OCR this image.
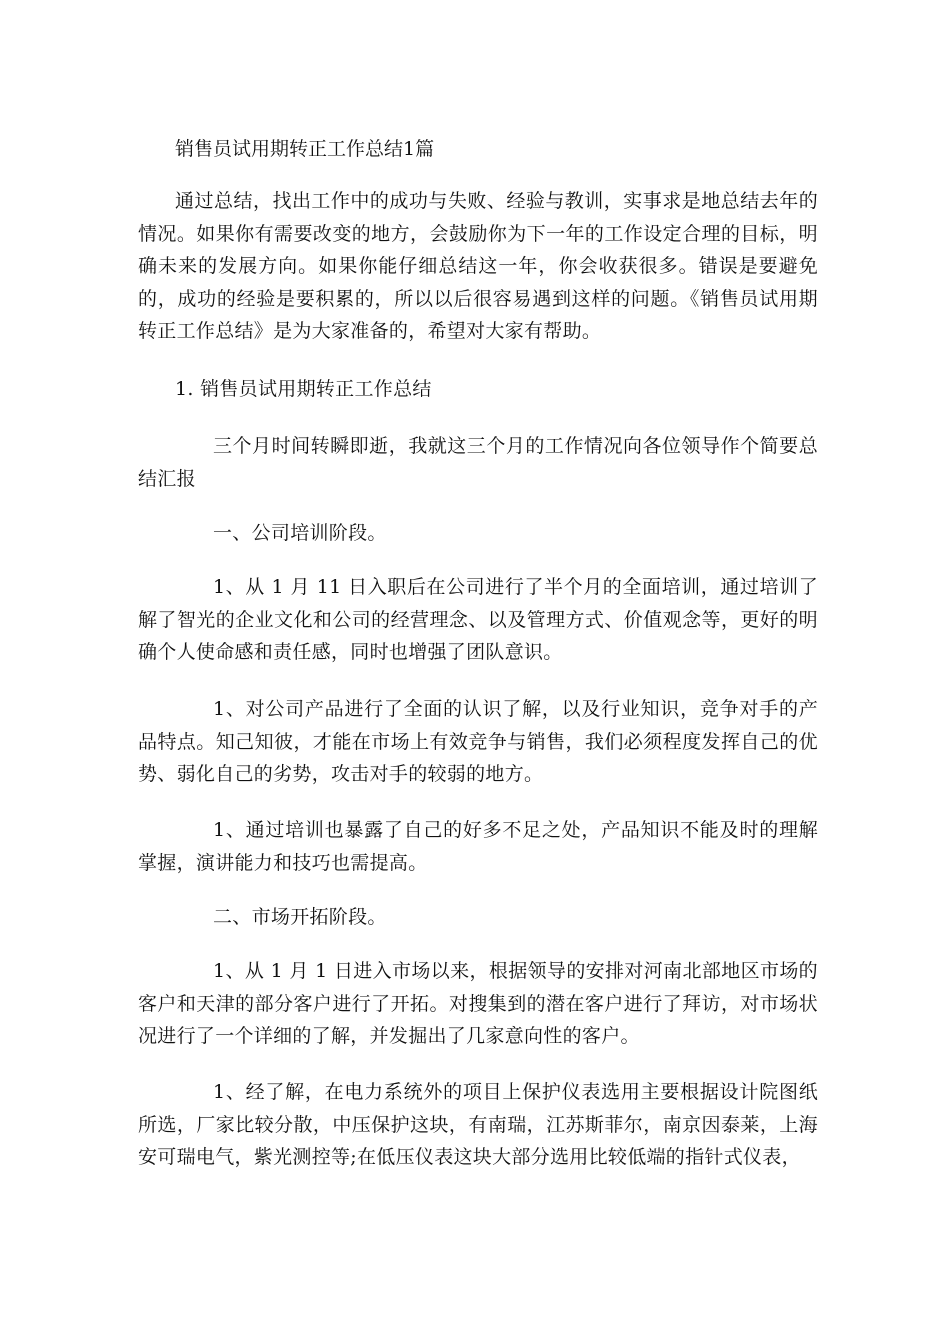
销售员试用期转正工作总结1篇

通过总结，找出工作中的成功与失败、经验与教训，实事求是地总结去年的情况。如果你有需要改变的地方，会鼓励你为下一年的工作设定合理的目标，明确未来的发展方向。如果你能仔细总结这一年，你会收获很多。错误是要避免的，成功的经验是要积累的，所以以后很容易遇到这样的问题。《销售员试用期转正工作总结》是为大家准备的，希望对大家有帮助。

1. 销售员试用期转正工作总结

三个月时间转瞬即逝，我就这三个月的工作情况向各位领导作个简要总结汇报

一、公司培训阶段。

1、从 1 月 11 日入职后在公司进行了半个月的全面培训，通过培训了解了智光的企业文化和公司的经营理念、以及管理方式、价值观念等，更好的明确个人使命感和责任感，同时也增强了团队意识。

1、对公司产品进行了全面的认识了解，以及行业知识，竞争对手的产品特点。知己知彼，才能在市场上有效竞争与销售，我们必须程度发挥自己的优势、弱化自己的劣势，攻击对手的较弱的地方。

1、通过培训也暴露了自己的好多不足之处，产品知识不能及时的理解掌握，演讲能力和技巧也需提高。

二、市场开拓阶段。

1、从 1 月 1 日进入市场以来，根据领导的安排对河南北部地区市场的客户和天津的部分客户进行了开拓。对搜集到的潜在客户进行了拜访，对市场状况进行了一个详细的了解，并发掘出了几家意向性的客户。

1、经了解，在电力系统外的项目上保护仪表选用主要根据设计院图纸所选，厂家比较分散，中压保护这块，有南瑞，江苏斯菲尔，南京因泰莱，上海安可瑞电气，紫光测控等;在低压仪表这块大部分选用比较低端的指针式仪表，
